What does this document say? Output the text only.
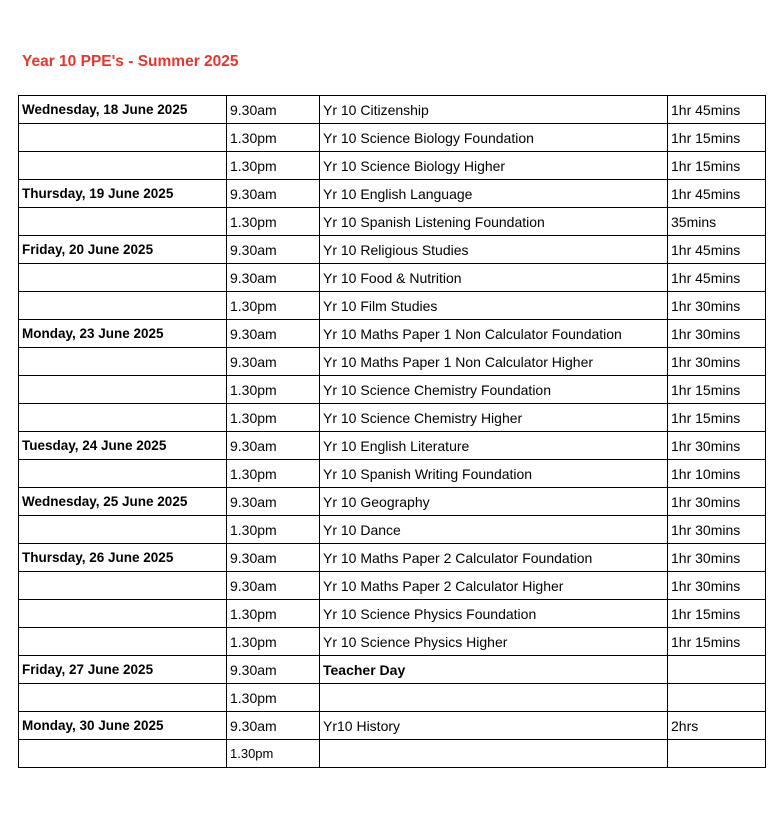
Year 10 PPE's - Summer 2025
Wednesday, 18 June 2025	9.30am	Yr 10 Citizenship	1hr 45mins
	1.30pm	Yr 10 Science Biology Foundation	1hr 15mins
	1.30pm	Yr 10 Science Biology Higher	1hr 15mins
Thursday, 19 June 2025	9.30am	Yr 10 English Language	1hr 45mins
	1.30pm	Yr 10 Spanish Listening Foundation	35mins
Friday, 20 June 2025	9.30am	Yr 10 Religious Studies	1hr 45mins
	9.30am	Yr 10 Food & Nutrition	1hr 45mins
	1.30pm	Yr 10 Film Studies	1hr 30mins
Monday, 23 June 2025	9.30am	Yr 10 Maths Paper 1 Non Calculator Foundation	1hr 30mins
	9.30am	Yr 10 Maths Paper 1 Non Calculator Higher	1hr 30mins
	1.30pm	Yr 10 Science Chemistry Foundation	1hr 15mins
	1.30pm	Yr 10 Science Chemistry Higher	1hr 15mins
Tuesday, 24 June 2025	9.30am	Yr 10 English Literature	1hr 30mins
	1.30pm	Yr 10 Spanish Writing Foundation	1hr 10mins
Wednesday, 25 June 2025	9.30am	Yr 10 Geography	1hr 30mins
	1.30pm	Yr 10 Dance	1hr 30mins
Thursday, 26 June 2025	9.30am	Yr 10 Maths Paper 2 Calculator Foundation	1hr 30mins
	9.30am	Yr 10 Maths Paper 2 Calculator Higher	1hr 30mins
	1.30pm	Yr 10 Science Physics Foundation	1hr 15mins
	1.30pm	Yr 10 Science Physics Higher	1hr 15mins
Friday, 27 June 2025	9.30am	Teacher Day	
	1.30pm		
Monday, 30 June 2025	9.30am	Yr10 History	2hrs
	1.30pm		
